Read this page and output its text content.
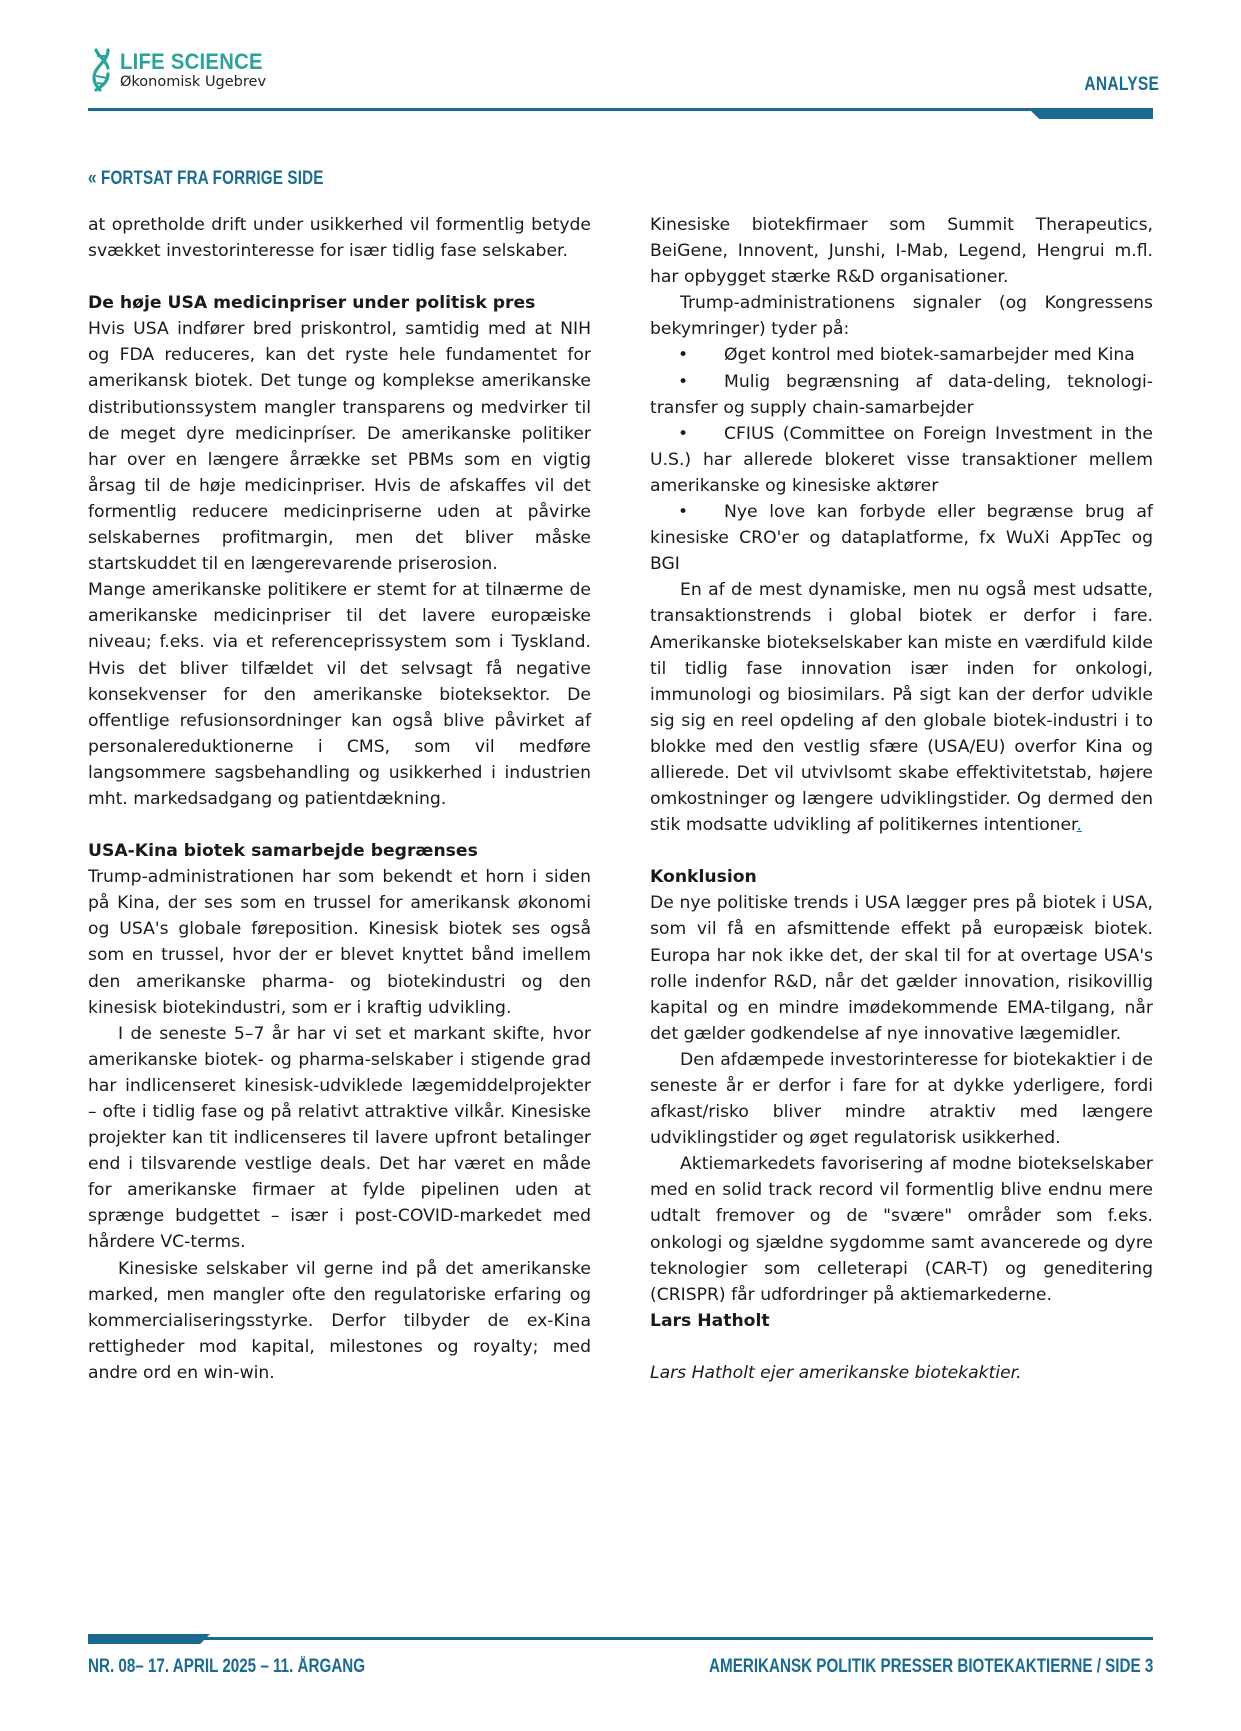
LIFE SCIENCE
Økonomisk Ugebrev	ANALYSE
« FORTSAT FRA FORRIGE SIDE

at opretholde drift under usikkerhed vil formentlig betyde svækket investorinteresse for især tidlig fase selskaber.

De høje USA medicinpriser under politisk pres

Hvis USA indfører bred priskontrol, samtidig med at NIH og FDA reduceres, kan det ryste hele fundamentet for amerikansk biotek. Det tunge og komplekse amerikanske distributionssystem mangler transparens og medvirker til de meget dyre medicinpríser. De amerikanske politiker har over en længere årrække set PBMs som en vigtig årsag til de høje medicinpriser. Hvis de afskaffes vil det formentlig reducere medicinpriserne uden at påvirke selskabernes profitmargin, men det bliver måske startskuddet til en længerevarende priserosion.

Mange amerikanske politikere er stemt for at tilnærme de amerikanske medicinpriser til det lavere europæiske niveau; f.eks. via et referenceprissystem som i Tyskland. Hvis det bliver tilfældet vil det selvsagt få negative konsekvenser for den amerikanske bioteksektor. De offentlige refusionsordninger kan også blive påvirket af personalereduktionerne i CMS, som vil medføre langsommere sagsbehandling og usikkerhed i industrien mht. markedsadgang og patientdækning.

USA-Kina biotek samarbejde begrænses

Trump-administrationen har som bekendt et horn i siden på Kina, der ses som en trussel for amerikansk økonomi og USA's globale føreposition. Kinesisk biotek ses også som en trussel, hvor der er blevet knyttet bånd imellem den amerikanske pharma- og biotekindustri og den kinesisk biotekindustri, som er i kraftig udvikling.

I de seneste 5–7 år har vi set et markant skifte, hvor amerikanske biotek- og pharma-selskaber i stigende grad har indlicenseret kinesisk-udviklede lægemiddelprojekter – ofte i tidlig fase og på relativt attraktive vilkår. Kinesiske projekter kan tit indlicenseres til lavere upfront betalinger end i tilsvarende vestlige deals. Det har været en måde for amerikanske firmaer at fylde pipelinen uden at sprænge budgettet – især i post-COVID-markedet med hårdere VC-terms.

Kinesiske selskaber vil gerne ind på det amerikanske marked, men mangler ofte den regulatoriske erfaring og kommercialiseringsstyrke. Derfor tilbyder de ex-Kina rettigheder mod kapital, milestones og royalty; med andre ord en win-win.

Kinesiske biotekfirmaer som Summit Therapeutics, BeiGene, Innovent, Junshi, I-Mab, Legend, Hengrui m.fl. har opbygget stærke R&D organisationer.

Trump-administrationens signaler (og Kongressens bekymringer) tyder på:

• Øget kontrol med biotek-samarbejder med Kina

• Mulig begrænsning af data-deling, teknologi-transfer og supply chain-samarbejder

• CFIUS (Committee on Foreign Investment in the U.S.) har allerede blokeret visse transaktioner mellem amerikanske og kinesiske aktører

• Nye love kan forbyde eller begrænse brug af kinesiske CRO'er og dataplatforme, fx WuXi AppTec og BGI

En af de mest dynamiske, men nu også mest udsatte, transaktionstrends i global biotek er derfor i fare. Amerikanske biotekselskaber kan miste en værdifuld kilde til tidlig fase innovation især inden for onkologi, immunologi og biosimilars. På sigt kan der derfor udvikle sig sig en reel opdeling af den globale biotek-industri i to blokke med den vestlig sfære (USA/EU) overfor Kina og allierede. Det vil utvivlsomt skabe effektivitetstab, højere omkostninger og længere udviklingstider. Og dermed den stik modsatte udvikling af politikernes intentioner.

Konklusion

De nye politiske trends i USA lægger pres på biotek i USA, som vil få en afsmittende effekt på europæisk biotek. Europa har nok ikke det, der skal til for at overtage USA's rolle indenfor R&D, når det gælder innovation, risikovillig kapital og en mindre imødekommende EMA-tilgang, når det gælder godkendelse af nye innovative lægemidler.

Den afdæmpede investorinteresse for biotekaktier i de seneste år er derfor i fare for at dykke yderligere, fordi afkast/risko bliver mindre atraktiv med længere udviklingstider og øget regulatorisk usikkerhed.

Aktiemarkedets favorisering af modne biotekselskaber med en solid track record vil formentlig blive endnu mere udtalt fremover og de "svære" områder som f.eks. onkologi og sjældne sygdomme samt avancerede og dyre teknologier som celleterapi (CAR-T) og geneditering (CRISPR) får udfordringer på aktiemarkederne.

Lars Hatholt

Lars Hatholt ejer amerikanske biotekaktier.

NR. 08– 17. APRIL 2025 – 11. ÅRGANG	AMERIKANSK POLITIK PRESSER BIOTEKAKTIERNE / SIDE 3
